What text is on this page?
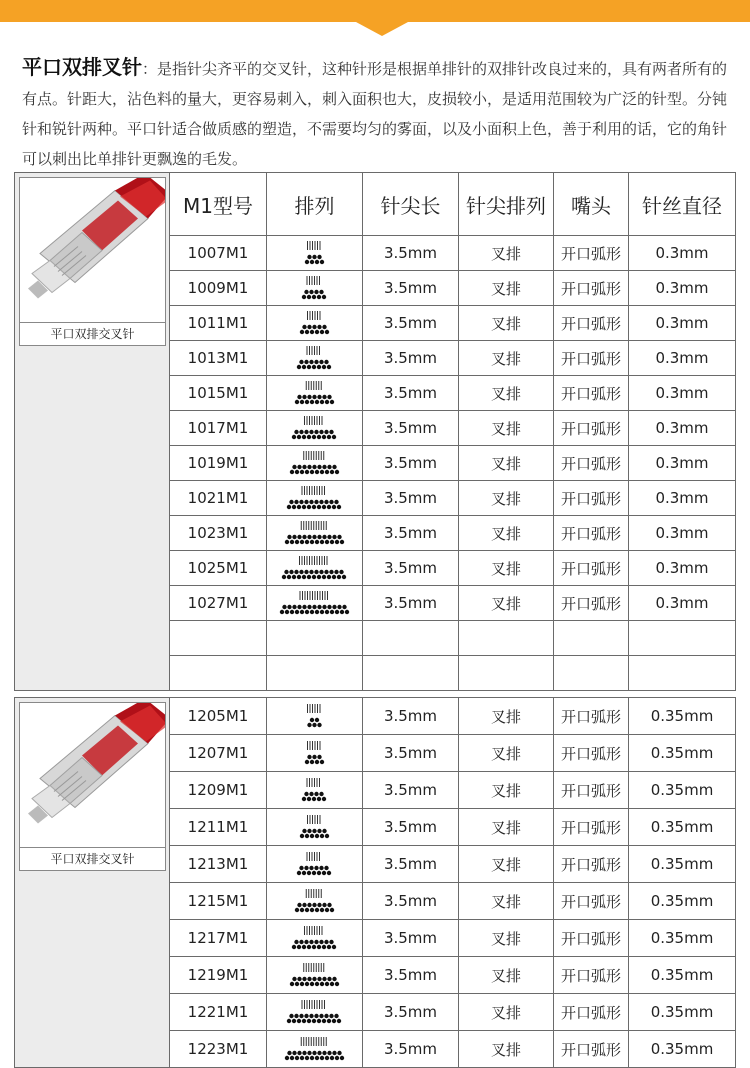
平口双排叉针：是指针尖齐平的交叉针，这种针形是根据单排针的双排针改良过来的，具有两者所有的有点。针距大，沾色料的量大，更容易刺入，刺入面积也大，皮损较小，是适用范围较为广泛的针型。分钝针和锐针两种。平口针适合做质感的塑造，不需要均匀的雾面，以及小面积上色，善于利用的话，它的角针可以刺出比单排针更飘逸的毛发。
平口双排交叉针	M1型号	排列	针尖长	针尖排列	嘴头	针丝直径
	1007M1		3.5mm	叉排	开口弧形	0.3mm
	1009M1		3.5mm	叉排	开口弧形	0.3mm
	1011M1		3.5mm	叉排	开口弧形	0.3mm
	1013M1		3.5mm	叉排	开口弧形	0.3mm
	1015M1		3.5mm	叉排	开口弧形	0.3mm
	1017M1		3.5mm	叉排	开口弧形	0.3mm
	1019M1		3.5mm	叉排	开口弧形	0.3mm
	1021M1		3.5mm	叉排	开口弧形	0.3mm
	1023M1		3.5mm	叉排	开口弧形	0.3mm
	1025M1		3.5mm	叉排	开口弧形	0.3mm
	1027M1		3.5mm	叉排	开口弧形	0.3mm

平口双排交叉针	1205M1		3.5mm	叉排	开口弧形	0.35mm
	1207M1		3.5mm	叉排	开口弧形	0.35mm
	1209M1		3.5mm	叉排	开口弧形	0.35mm
	1211M1		3.5mm	叉排	开口弧形	0.35mm
	1213M1		3.5mm	叉排	开口弧形	0.35mm
	1215M1		3.5mm	叉排	开口弧形	0.35mm
	1217M1		3.5mm	叉排	开口弧形	0.35mm
	1219M1		3.5mm	叉排	开口弧形	0.35mm
	1221M1		3.5mm	叉排	开口弧形	0.35mm
	1223M1		3.5mm	叉排	开口弧形	0.35mm
